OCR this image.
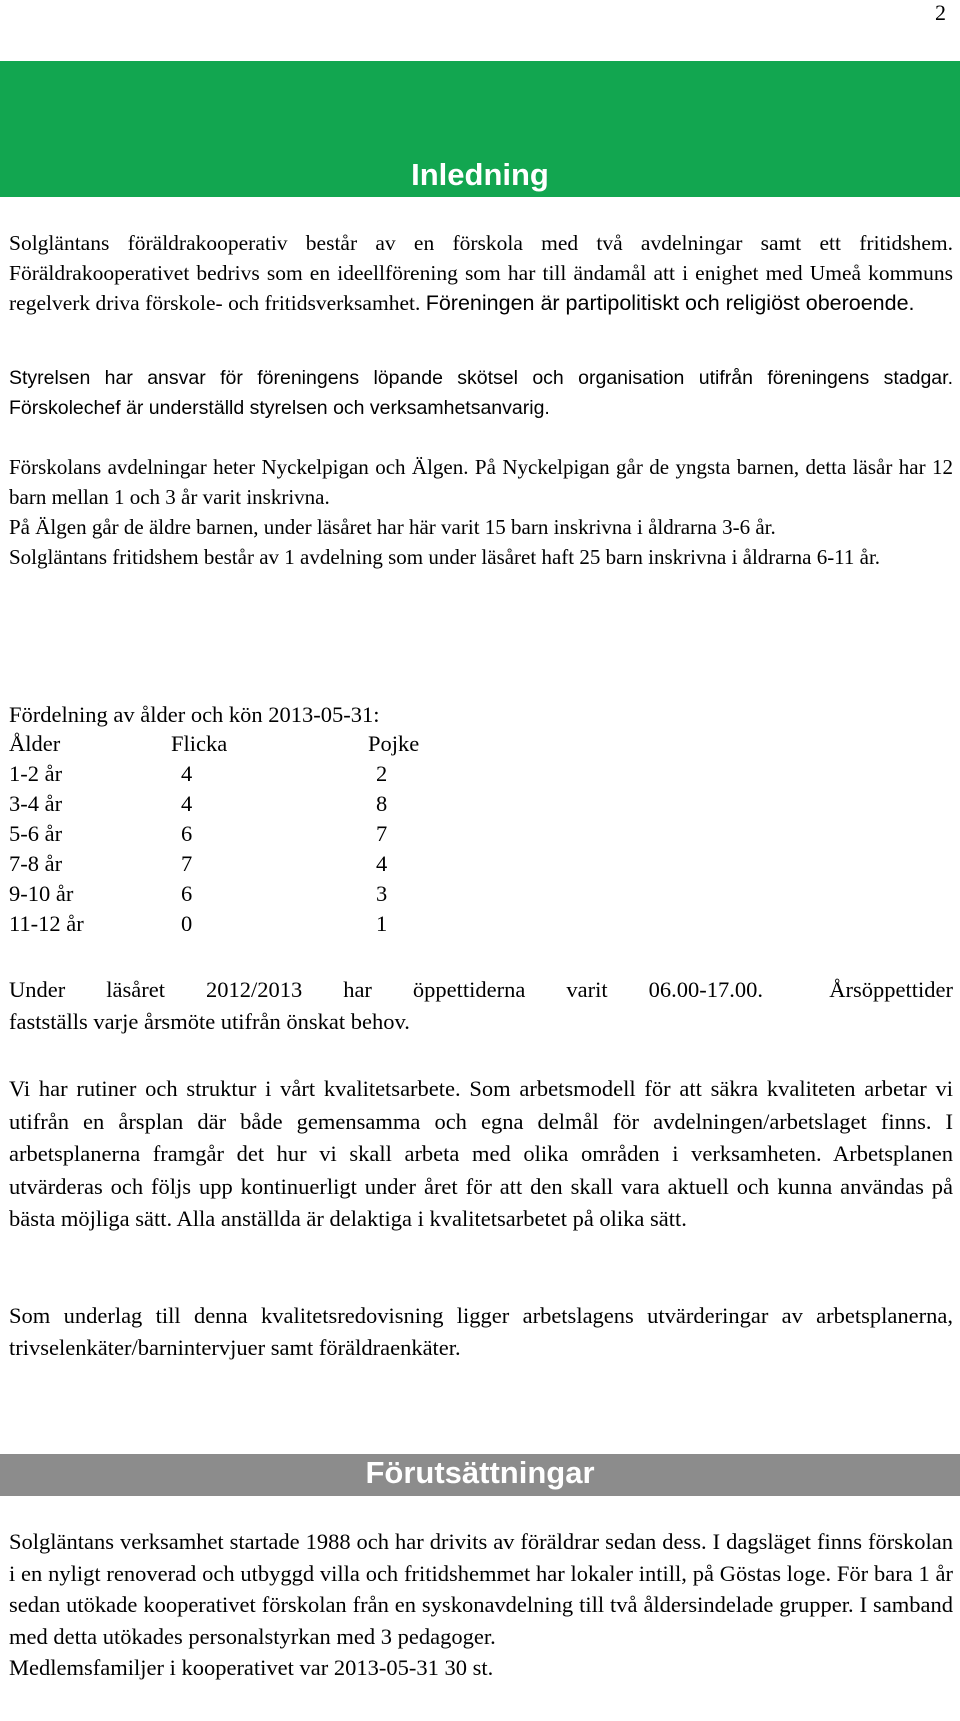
2
Inledning

Solgläntans föräldrakooperativ består av en förskola med två avdelningar samt ett fritidshem. Föräldrakooperativet bedrivs som en ideellförening som har till ändamål att i enighet med Umeå kommuns regelverk driva förskole- och fritidsverksamhet. Föreningen är partipolitiskt och religiöst oberoende.

Styrelsen har ansvar för föreningens löpande skötsel och organisation utifrån föreningens stadgar. Förskolechef är underställd styrelsen och verksamhetsanvarig.

Förskolans avdelningar heter Nyckelpigan och Älgen. På Nyckelpigan går de yngsta barnen, detta läsår har 12 barn mellan 1 och 3 år varit inskrivna.

På Älgen går de äldre barnen, under läsåret har här varit 15 barn inskrivna i åldrarna 3-6 år.

Solgläntans fritidshem består av 1 avdelning som under läsåret haft 25 barn inskrivna i åldrarna 6-11 år.

Fördelning av ålder och kön 2013-05-31:

Ålder	Flicka	Pojke
1-2 år	4	2
3-4 år	4	8
5-6 år	6	7
7-8 år	7	4
9-10 år	6	3
11-12 år	0	1

Under läsåret 2012/2013 har öppettiderna varit 06.00-17.00.

fastställs varje årsmöte utifrån önskat behov.

Årsöppettider

Vi har rutiner och struktur i vårt kvalitetsarbete. Som arbetsmodell för att säkra kvaliteten arbetar vi utifrån en årsplan där både gemensamma och egna delmål för avdelningen/arbetslaget finns. I arbetsplanerna framgår det hur vi skall arbeta med olika områden i verksamheten. Arbetsplanen utvärderas och följs upp kontinuerligt under året för att den skall vara aktuell och kunna användas på bästa möjliga sätt. Alla anställda är delaktiga i kvalitetsarbetet på olika sätt.

Som underlag till denna kvalitetsredovisning ligger arbetslagens utvärderingar av arbetsplanerna, trivselenkäter/barnintervjuer samt föräldraenkäter.

Förutsättningar

Solgläntans verksamhet startade 1988 och har drivits av föräldrar sedan dess. I dagsläget finns förskolan i en nyligt renoverad och utbyggd villa och fritidshemmet har lokaler intill, på Göstas loge. För bara 1 år sedan utökade kooperativet förskolan från en syskonavdelning till två åldersindelade grupper. I samband med detta utökades personalstyrkan med 3 pedagoger.

Medlemsfamiljer i kooperativet var 2013-05-31 30 st.
